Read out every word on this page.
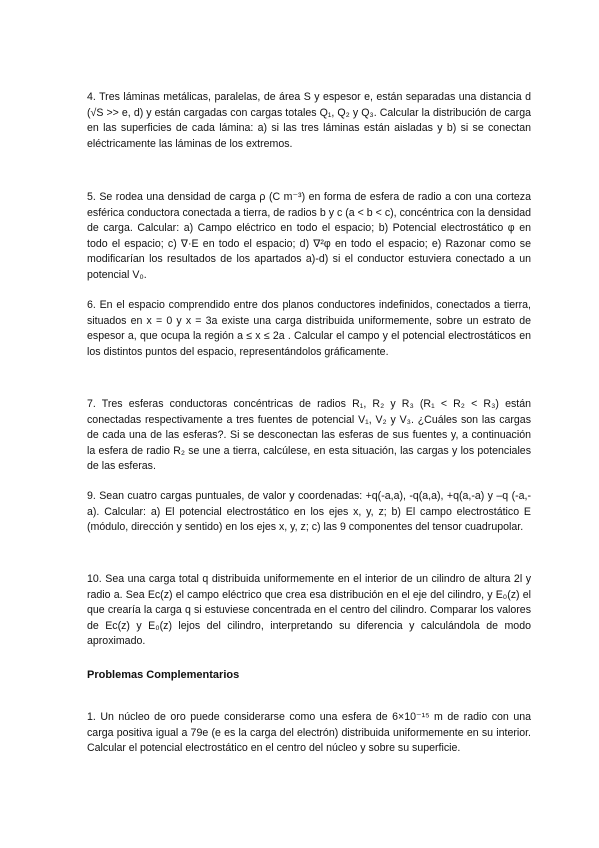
4. Tres láminas metálicas, paralelas, de área S y espesor e, están separadas una distancia d (√S >> e, d) y están cargadas con cargas totales Q₁, Q₂ y Q₃. Calcular la distribución de carga en las superficies de cada lámina: a) si las tres láminas están aisladas y b) si se conectan eléctricamente las láminas de los extremos.

5. Se rodea una densidad de carga ρ (C m⁻³) en forma de esfera de radio a con una corteza esférica conductora conectada a tierra, de radios b y c (a < b < c), concéntrica con la densidad de carga. Calcular: a) Campo eléctrico en todo el espacio; b) Potencial electrostático φ en todo el espacio; c) ∇·E en todo el espacio; d) ∇²φ en todo el espacio; e) Razonar como se modificarían los resultados de los apartados a)-d) si el conductor estuviera conectado a un potencial V₀.

6. En el espacio comprendido entre dos planos conductores indefinidos, conectados a tierra, situados en x = 0 y x = 3a existe una carga distribuida uniformemente, sobre un estrato de espesor a, que ocupa la región a ≤ x ≤ 2a . Calcular el campo y el potencial electrostáticos en los distintos puntos del espacio, representándolos gráficamente.

7. Tres esferas conductoras concéntricas de radios R₁, R₂ y R₃ (R₁ < R₂ < R₃) están conectadas respectivamente a tres fuentes de potencial V₁, V₂ y V₃. ¿Cuáles son las cargas de cada una de las esferas?. Si se desconectan las esferas de sus fuentes y, a continuación la esfera de radio R₂ se une a tierra, calcúlese, en esta situación, las cargas y los potenciales de las esferas.

9. Sean cuatro cargas puntuales, de valor y coordenadas: +q(-a,a), -q(a,a), +q(a,-a) y –q (-a,-a). Calcular: a) El potencial electrostático en los ejes x, y, z; b) El campo electrostático E (módulo, dirección y sentido) en los ejes x, y, z; c) las 9 componentes del tensor cuadrupolar.

10. Sea una carga total q distribuida uniformemente en el interior de un cilindro de altura 2l y radio a. Sea Ec(z) el campo eléctrico que crea esa distribución en el eje del cilindro, y E₀(z) el que crearía la carga q si estuviese concentrada en el centro del cilindro. Comparar los valores de Ec(z) y E₀(z) lejos del cilindro, interpretando su diferencia y calculándola de modo aproximado.

Problemas Complementarios

1. Un núcleo de oro puede considerarse como una esfera de 6×10⁻¹⁵ m de radio con una carga positiva igual a 79e (e es la carga del electrón) distribuida uniformemente en su interior. Calcular el potencial electrostático en el centro del núcleo y sobre su superficie.
